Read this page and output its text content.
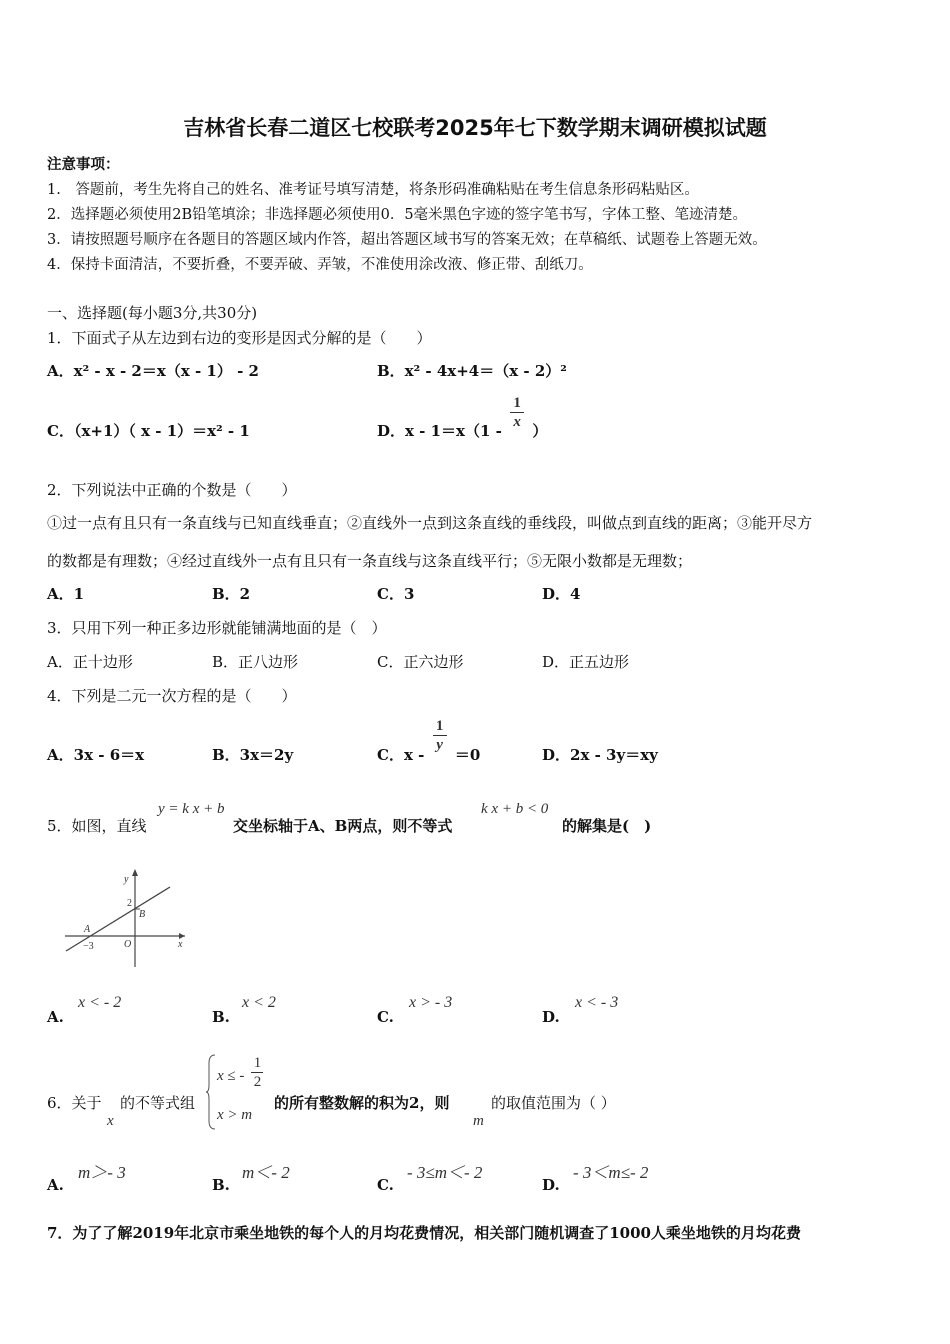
吉林省长春二道区七校联考2025年七下数学期末调研模拟试题
注意事项：
1.　答题前，考生先将自己的姓名、准考证号填写清楚，将条形码准确粘贴在考生信息条形码粘贴区。
2．选择题必须使用2B铅笔填涂；非选择题必须使用0．5毫米黑色字迹的签字笔书写，字体工整、笔迹清楚。
3．请按照题号顺序在各题目的答题区域内作答，超出答题区域书写的答案无效；在草稿纸、试题卷上答题无效。
4．保持卡面清洁，不要折叠，不要弄破、弄皱，不准使用涂改液、修正带、刮纸刀。
一、选择题(每小题3分,共30分)
1．下面式子从左边到右边的变形是因式分解的是（　　）
A．x² - x - 2＝x（x - 1） - 2	B．x² - 4x+4＝（x - 2）²
C．（x+1）（ x - 1）＝x² - 1	D．x - 1＝x（1 -
$\frac{1}{x}$
）
2．下列说法中正确的个数是（　　）
①过一点有且只有一条直线与已知直线垂直；②直线外一点到这条直线的垂线段，叫做点到直线的距离；③能开尽方
的数都是有理数；④经过直线外一点有且只有一条直线与这条直线平行；⑤无限小数都是无理数；
A．1	B．2	C．3	D．4
3．只用下列一种正多边形就能铺满地面的是（　）
A．正十边形	B．正八边形	C．正六边形	D．正五边形
4．下列是二元一次方程的是（　　）
A．3x - 6＝x	B．3x＝2y	C．x -
$\frac{1}{y}$
＝0	D．2x - 3y＝xy
5．如图，直线
y = k x + b
交坐标轴于A、B两点，则不等式
k x + b < 0
的解集是(　)
x
y
O
2
−3
A
B
A.
x < - 2
B.
x < 2
C.
x > - 3
D.
x < - 3
6．关于
x
的不等式组
x ≤ - $\frac{1}{2}$
x > m
的所有整数解的积为2，则
m
的取值范围为（ ）
A.
m＞- 3
B.
m＜- 2
C.
- 3≤m＜- 2
D.
- 3＜m≤- 2
7．为了了解2019年北京市乘坐地铁的每个人的月均花费情况，相关部门随机调查了1000人乘坐地铁的月均花费
